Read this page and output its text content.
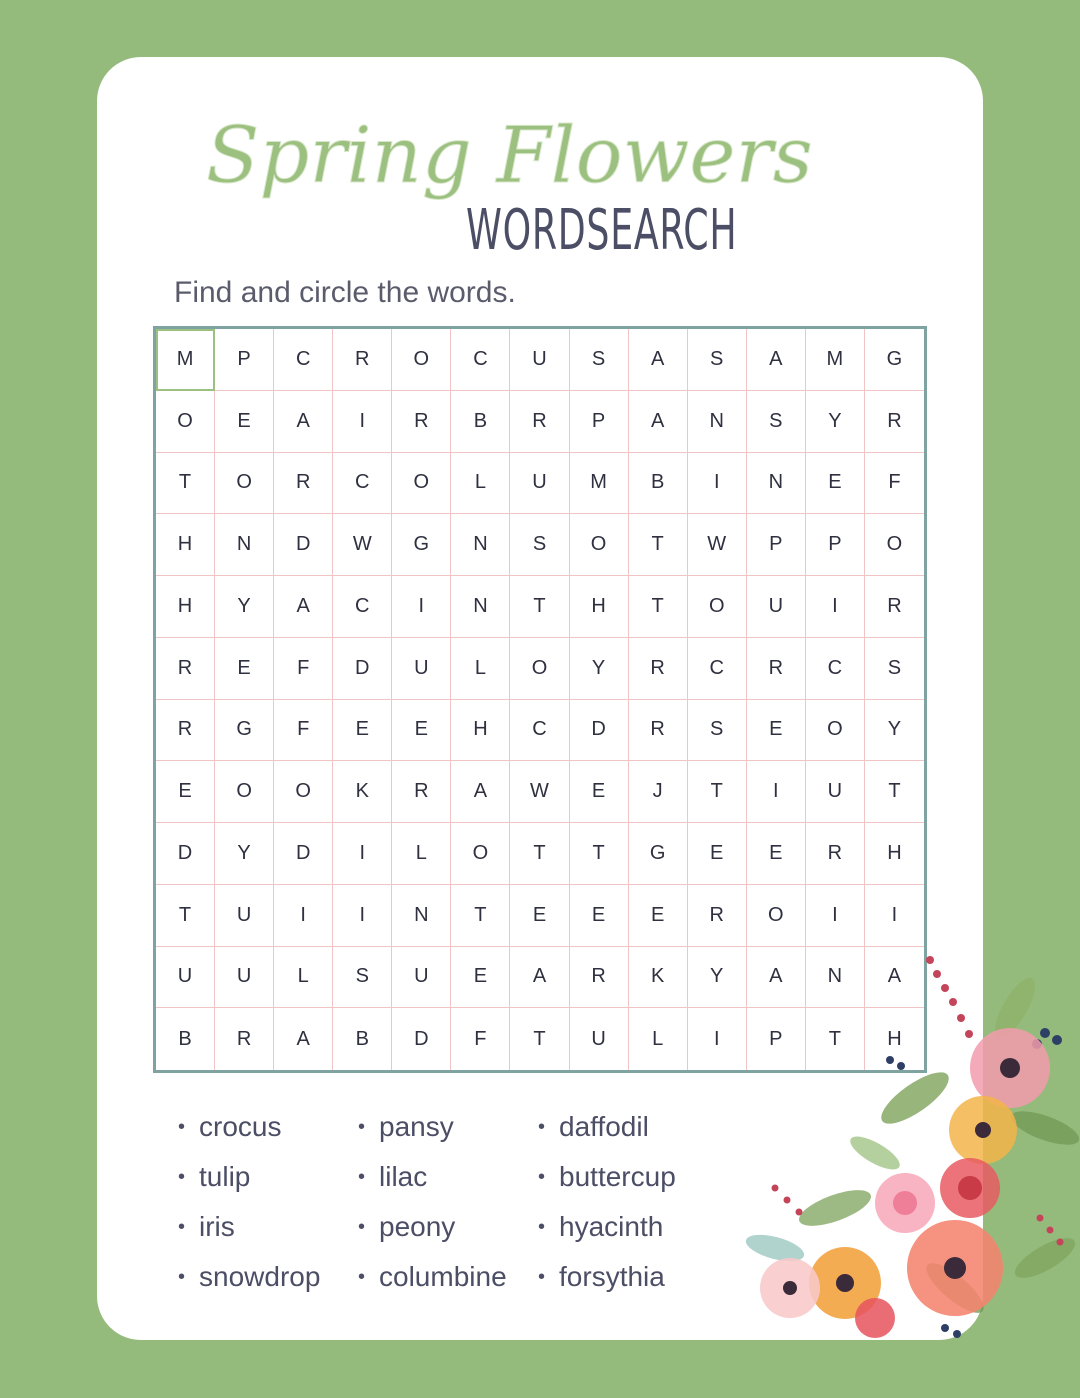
Spring Flowers
WORDSEARCH
Find and circle the words.
M	P	C	R	O	C	U	S	A	S	A	M	G
O	E	A	I	R	B	R	P	A	N	S	Y	R
T	O	R	C	O	L	U	M	B	I	N	E	F
H	N	D	W	G	N	S	O	T	W	P	P	O
H	Y	A	C	I	N	T	H	T	O	U	I	R
R	E	F	D	U	L	O	Y	R	C	R	C	S
R	G	F	E	E	H	C	D	R	S	E	O	Y
E	O	O	K	R	A	W	E	J	T	I	U	T
D	Y	D	I	L	O	T	T	G	E	E	R	H
T	U	I	I	N	T	E	E	E	R	O	I	I
U	U	L	S	U	E	A	R	K	Y	A	N	A
B	R	A	B	D	F	T	U	L	I	P	T	H
• crocus	• pansy	• daffodil
• tulip	• lilac	• buttercup
• iris	• peony	• hyacinth
• snowdrop • columbine • forsythia
